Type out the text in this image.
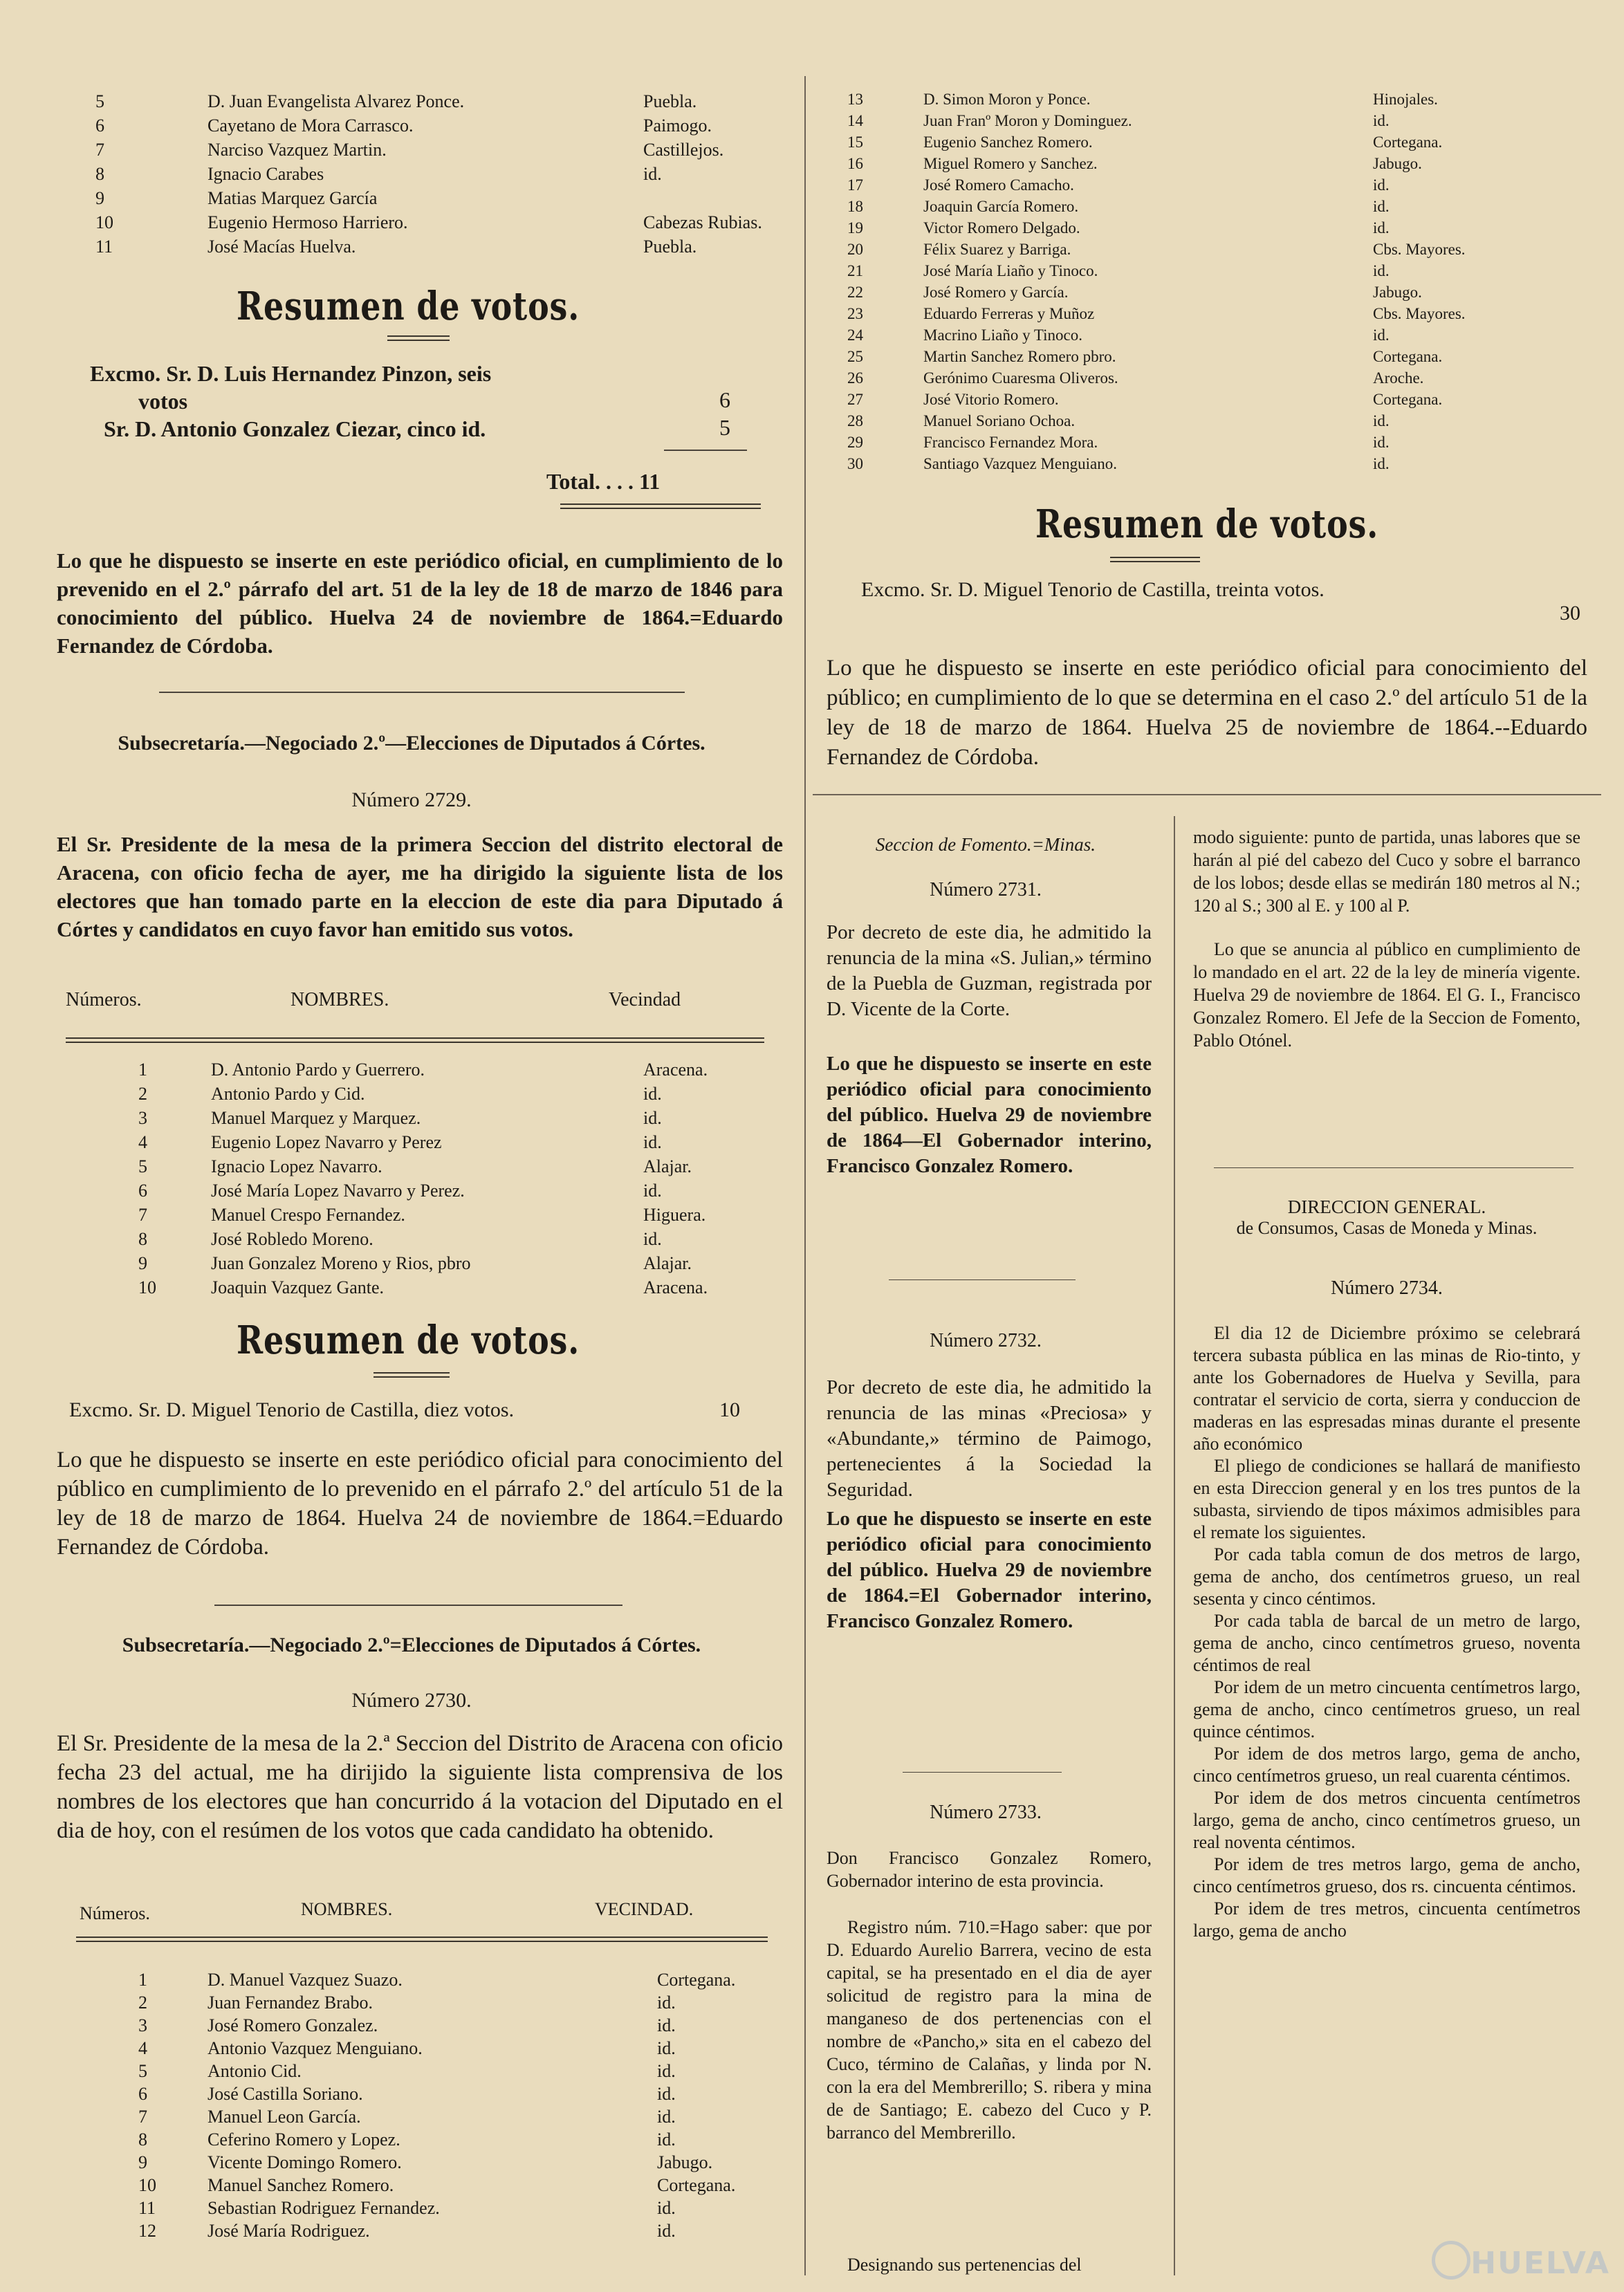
5	D. Juan Evangelista Alvarez Ponce.	Puebla.
6	Cayetano de Mora Carrasco.	Paimogo.
7	Narciso Vazquez Martin.	Castillejos.
8	Ignacio Carabes	id.
9	Matias Marquez García
10	Eugenio Hermoso Harriero.	Cabezas Rubias.
11	José Macías Huelva.	Puebla.
Resumen de votos.
Excmo. Sr. D. Luis Hernandez Pinzon, seis
votos	6
Sr. D. Antonio Gonzalez Ciezar, cinco id.	5
Total. . . . 11
Lo que he dispuesto se inserte en este periódico oficial, en cumplimiento de lo prevenido en el 2.º párrafo del art. 51 de la ley de 18 de marzo de 1846 para conocimiento del público. Huelva 24 de noviembre de 1864.=Eduardo Fernandez de Córdoba.
Subsecretaría.—Negociado 2.º—Elecciones de Diputados á Córtes.
Número 2729.
El Sr. Presidente de la mesa de la primera Seccion del distrito electoral de Aracena, con oficio fecha de ayer, me ha dirigido la siguiente lista de los electores que han tomado parte en la eleccion de este dia para Diputado á Córtes y candidatos en cuyo favor han emitido sus votos.
Números.	NOMBRES.	Vecindad
1	D. Antonio Pardo y Guerrero.	Aracena.
2	Antonio Pardo y Cid.	id.
3	Manuel Marquez y Marquez.	id.
4	Eugenio Lopez Navarro y Perez	id.
5	Ignacio Lopez Navarro.	Alajar.
6	José María Lopez Navarro y Perez.	id.
7	Manuel Crespo Fernandez.	Higuera.
8	José Robledo Moreno.	id.
9	Juan Gonzalez Moreno y Rios, pbro	Alajar.
10	Joaquin Vazquez Gante.	Aracena.
Resumen de votos.
Excmo. Sr. D. Miguel Tenorio de Castilla, diez votos.	10
Lo que he dispuesto se inserte en este periódico oficial para conocimiento del público en cumplimiento de lo prevenido en el párrafo 2.º del artículo 51 de la ley de 18 de marzo de 1864. Huelva 24 de noviembre de 1864.=Eduardo Fernandez de Córdoba.
Subsecretaría.—Negociado 2.º=Elecciones de Diputados á Córtes.
Número 2730.
El Sr. Presidente de la mesa de la 2.ª Seccion del Distrito de Aracena con oficio fecha 23 del actual, me ha dirijido la siguiente lista comprensiva de los nombres de los electores que han concurrido á la votacion del Diputado en el dia de hoy, con el resúmen de los votos que cada candidato ha obtenido.
Números.	NOMBRES.	VECINDAD.
1	D. Manuel Vazquez Suazo.	Cortegana.
2	Juan Fernandez Brabo.	id.
3	José Romero Gonzalez.	id.
4	Antonio Vazquez Menguiano.	id.
5	Antonio Cid.	id.
6	José Castilla Soriano.	id.
7	Manuel Leon García.	id.
8	Ceferino Romero y Lopez.	id.
9	Vicente Domingo Romero.	Jabugo.
10	Manuel Sanchez Romero.	Cortegana.
11	Sebastian Rodriguez Fernandez.	id.
12	José María Rodriguez.	id.
13	D. Simon Moron y Ponce.	Hinojales.
14	Juan Franº Moron y Dominguez.	id.
15	Eugenio Sanchez Romero.	Cortegana.
16	Miguel Romero y Sanchez.	Jabugo.
17	José Romero Camacho.	id.
18	Joaquin García Romero.	id.
19	Victor Romero Delgado.	id.
20	Félix Suarez y Barriga.	Cbs. Mayores.
21	José María Liaño y Tinoco.	id.
22	José Romero y García.	Jabugo.
23	Eduardo Ferreras y Muñoz	Cbs. Mayores.
24	Macrino Liaño y Tinoco.	id.
25	Martin Sanchez Romero pbro.	Cortegana.
26	Gerónimo Cuaresma Oliveros.	Aroche.
27	José Vitorio Romero.	Cortegana.
28	Manuel Soriano Ochoa.	id.
29	Francisco Fernandez Mora.	id.
30	Santiago Vazquez Menguiano.	id.
Resumen de votos.
Excmo. Sr. D. Miguel Tenorio de Castilla, treinta votos.
30
Lo que he dispuesto se inserte en este periódico oficial para conocimiento del público; en cumplimiento de lo que se determina en el caso 2.º del artículo 51 de la ley de 18 de marzo de 1864. Huelva 25 de noviembre de 1864.--Eduardo Fernandez de Córdoba.
Seccion de Fomento.=Minas.
Número 2731.
Por decreto de este dia, he admitido la renuncia de la mina «S. Julian,» término de la Puebla de Guzman, registrada por D. Vicente de la Corte.
Lo que he dispuesto se inserte en este periódico oficial para conocimiento del público. Huelva 29 de noviembre de 1864—El Gobernador interino, Francisco Gonzalez Romero.
Número 2732.
Por decreto de este dia, he admitido la renuncia de las minas «Preciosa» y «Abundante,» término de Paimogo, pertenecientes á la Sociedad la Seguridad.
Lo que he dispuesto se inserte en este periódico oficial para conocimiento del público. Huelva 29 de noviembre de 1864.=El Gobernador interino, Francisco Gonzalez Romero.
Número 2733.
Don Francisco Gonzalez Romero, Gobernador interino de esta provincia.
Registro núm. 710.=Hago saber: que por D. Eduardo Aurelio Barrera, vecino de esta capital, se ha presentado en el dia de ayer solicitud de registro para la mina de manganeso de dos pertenencias con el nombre de «Pancho,» sita en el cabezo del Cuco, término de Calañas, y linda por N. con la era del Membrerillo; S. ribera y mina de de Santiago; E. cabezo del Cuco y P. barranco del Membrerillo.
Designando sus pertenencias del
modo siguiente: punto de partida, unas labores que se harán al pié del cabezo del Cuco y sobre el barranco de los lobos; desde ellas se medirán 180 metros al N.; 120 al S.; 300 al E. y 100 al P.
Lo que se anuncia al público en cumplimiento de lo mandado en el art. 22 de la ley de minería vigente. Huelva 29 de noviembre de 1864. El G. I., Francisco Gonzalez Romero. El Jefe de la Seccion de Fomento, Pablo Otónel.
DIRECCION GENERAL.
de Consumos, Casas de Moneda y Minas.
Número 2734.
El dia 12 de Diciembre próximo se celebrará tercera subasta pública en las minas de Rio-tinto, y ante los Gobernadores de Huelva y Sevilla, para contratar el servicio de corta, sierra y conduccion de maderas en las espresadas minas durante el presente año económico
El pliego de condiciones se hallará de manifiesto en esta Direccion general y en los tres puntos de la subasta, sirviendo de tipos máximos admisibles para el remate los siguientes.
Por cada tabla comun de dos metros de largo, gema de ancho, dos centímetros grueso, un real sesenta y cinco céntimos.
Por cada tabla de barcal de un metro de largo, gema de ancho, cinco centímetros grueso, noventa céntimos de real
Por idem de un metro cincuenta centímetros largo, gema de ancho, cinco centímetros grueso, un real quince céntimos.
Por idem de dos metros largo, gema de ancho, cinco centímetros grueso, un real cuarenta céntimos.
Por idem de dos metros cincuenta centímetros largo, gema de ancho, cinco centímetros grueso, un real noventa céntimos.
Por idem de tres metros largo, gema de ancho, cinco centímetros grueso, dos rs. cincuenta céntimos.
Por idem de tres metros, cincuenta centímetros largo, gema de ancho
HUELVA
